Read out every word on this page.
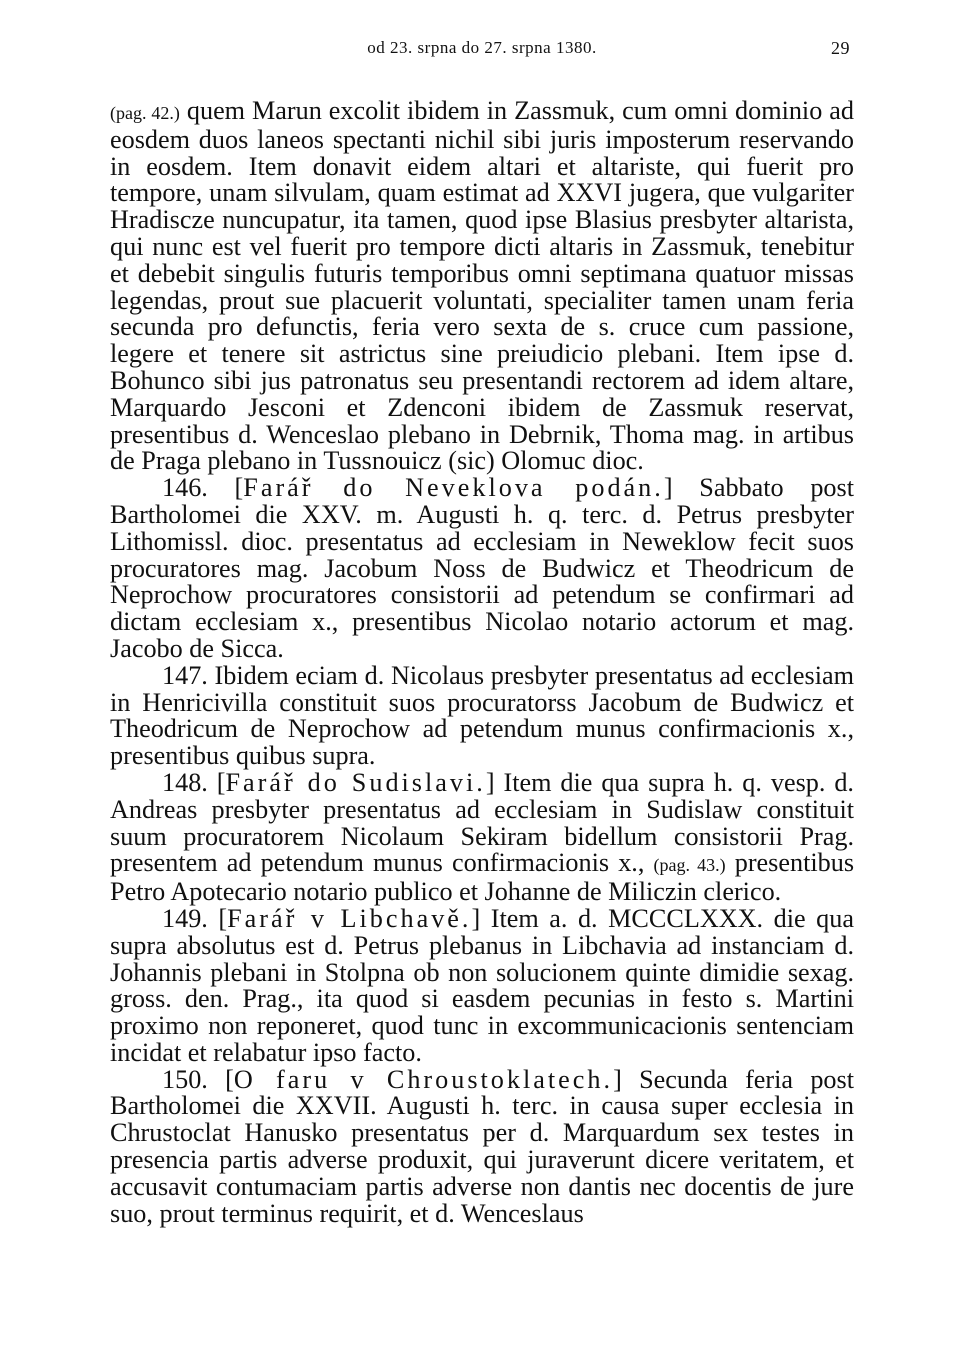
od 23. srpna do 27. srpna 1380.	29

(pag. 42.) quem Marun excolit ibidem in Zassmuk, cum omni dominio ad eosdem duos laneos spectanti nichil sibi juris imposterum reservando in eosdem. Item donavit eidem altari et altariste, qui fuerit pro tempore, unam silvulam, quam estimat ad XXVI jugera, que vulgariter Hradiscze nuncupatur, ita tamen, quod ipse Blasius presbyter altarista, qui nunc est vel fuerit pro tempore dicti altaris in Zassmuk, tenebitur et debebit singulis futuris temporibus omni septimana quatuor missas legendas, prout sue placuerit voluntati, specialiter tamen unam feria secunda pro defunctis, feria vero sexta de s. cruce cum passione, legere et tenere sit astrictus sine preiudicio plebani. Item ipse d. Bohunco sibi jus patronatus seu presentandi rectorem ad idem altare, Marquardo Jesconi et Zdenconi ibidem de Zassmuk reservat, presentibus d. Wenceslao plebano in Debrnik, Thoma mag. in artibus de Praga plebano in Tussnouicz (sic) Olomuc dioc.

146. [Farář do Neveklova podán.] Sabbato post Bartholomei die XXV. m. Augusti h. q. terc. d. Petrus presbyter Lithomissl. dioc. presentatus ad ecclesiam in Neweklow fecit suos procuratores mag. Jacobum Noss de Budwicz et Theodricum de Neprochow procuratores consistorii ad petendum se confirmari ad dictam ecclesiam x., presentibus Nicolao notario actorum et mag. Jacobo de Sicca.

147. Ibidem eciam d. Nicolaus presbyter presentatus ad ecclesiam in Henricivilla constituit suos procuratorss Jacobum de Budwicz et Theodricum de Neprochow ad petendum munus confirmacionis x., presentibus quibus supra.

148. [Farář do Sudislavi.] Item die qua supra h. q. vesp. d. Andreas presbyter presentatus ad ecclesiam in Sudislaw constituit suum procuratorem Nicolaum Sekiram bidellum consistorii Prag. presentem ad petendum munus confirmacionis x., (pag. 43.) presentibus Petro Apotecario notario publico et Johanne de Miliczin clerico.

149. [Farář v Libchavě.] Item a. d. MCCCLXXX. die qua supra absolutus est d. Petrus plebanus in Libchavia ad instanciam d. Johannis plebani in Stolpna ob non solucionem quinte dimidie sexag. gross. den. Prag., ita quod si easdem pecunias in festo s. Martini proximo non reponeret, quod tunc in excommunicacionis sentenciam incidat et relabatur ipso facto.

150. [O faru v Chroustoklatech.] Secunda feria post Bartholomei die XXVII. Augusti h. terc. in causa super ecclesia in Chrustoclat Hanusko presentatus per d. Marquardum sex testes in presencia partis adverse produxit, qui juraverunt dicere veritatem, et accusavit contumaciam partis adverse non dantis nec docentis de jure suo, prout terminus requirit, et d. Wenceslaus
